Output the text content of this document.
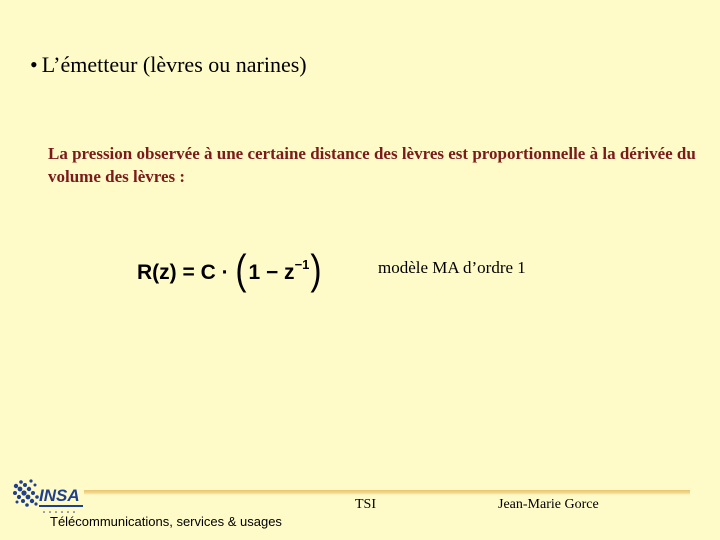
• L’émetteur (lèvres ou narines)
La pression observée à une certaine distance des lèvres est proportionnelle à la dérivée du volume des lèvres :
$R(z) = C \cdot (1 - z^{-1})$	modèle MA d’ordre 1
INSA	TSI	Jean-Marie Gorce
Télécommunications, services & usages
